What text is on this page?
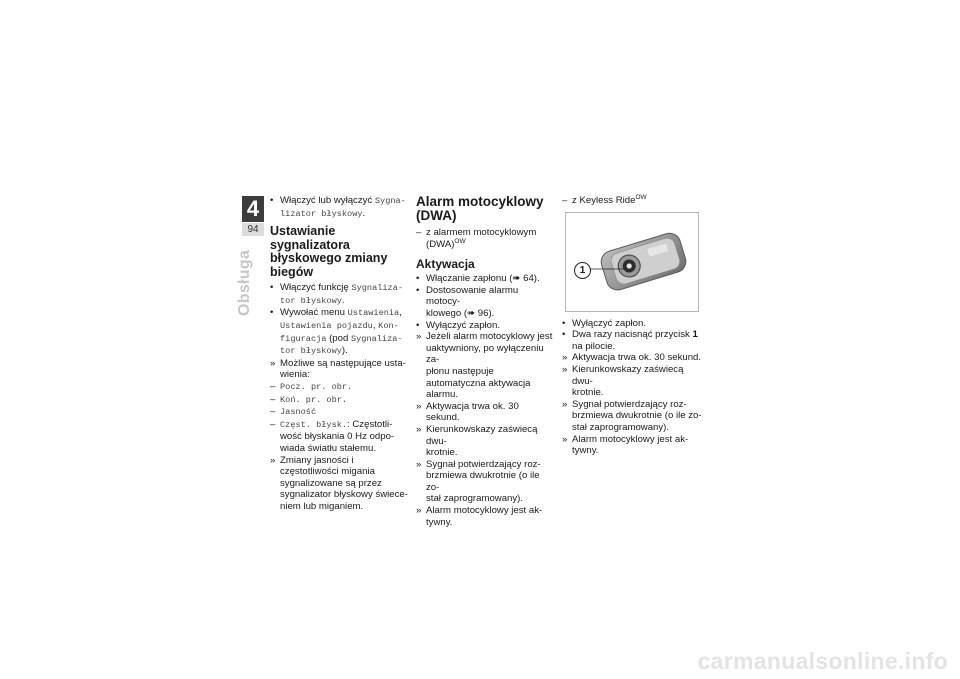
4
94
Obsługa

• Włączyć lub wyłączyć Sygna-
lizator błyskowy.

Ustawianie sygnalizatora błyskowego zmiany biegów

• Włączyć funkcję Sygnaliza-
tor błyskowy.

• Wywołać menu Ustawienia, Ustawienia pojazdu, Kon-
figuracja (pod Sygnaliza-
tor błyskowy).

» Możliwe są następujące usta-
wienia:

– Pocz. pr. obr.

– Koń. pr. obr.

– Jasność

– Częst. błysk.: Częstotli-
wość błyskania 0 Hz odpo-
wiada światłu stałemu.

» Zmiany jasności i częstotliwości migania sygnalizowane są przez sygnalizator błyskowy świece-
niem lub miganiem.

Alarm motocyklowy (DWA)

– z alarmem motocyklowym
(DWA)$^{OW}$

Aktywacja

• Włączanie zapłonu (➠ 64).

• Dostosowanie alarmu motocy-
klowego (➠ 96).

• Wyłączyć zapłon.

» Jeżeli alarm motocyklowy jest uaktywniony, po wyłączeniu za-
płonu następuje automatyczna aktywacja alarmu.

» Aktywacja trwa ok. 30 sekund.

» Kierunkowskazy zaświecą dwu-
krotnie.

» Sygnał potwierdzający roz-
brzmiewa dwukrotnie (o ile zo-
stał zaprogramowany).

» Alarm motocyklowy jest ak-
tywny.

– z Keyless Ride$^{OW}$

1

• Wyłączyć zapłon.

• Dwa razy nacisnąć przycisk 1
na pilocie.

» Aktywacja trwa ok. 30 sekund.

» Kierunkowskazy zaświecą dwu-
krotnie.

» Sygnał potwierdzający roz-
brzmiewa dwukrotnie (o ile zo-
stał zaprogramowany).

» Alarm motocyklowy jest ak-
tywny.

carmanualsonline.info
